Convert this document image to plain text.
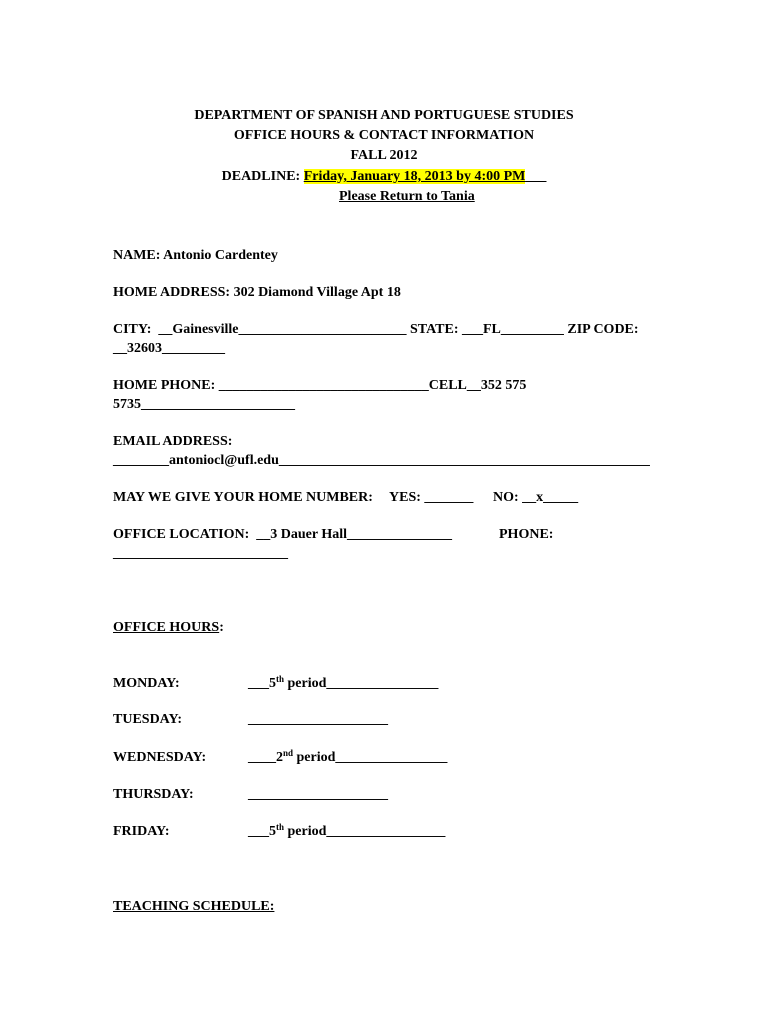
DEPARTMENT OF SPANISH AND PORTUGUESE STUDIES
OFFICE HOURS & CONTACT INFORMATION
FALL 2012
DEADLINE: Friday, January 18, 2013 by 4:00 PM___
Please Return to Tania
NAME: Antonio Cardentey
HOME ADDRESS: 302 Diamond Village Apt 18
CITY:  __Gainesville________________________ STATE: ___FL_________ ZIP CODE:
__32603_________
HOME PHONE: ______________________________CELL__352 575
5735______________________
EMAIL ADDRESS:
________antoniocl@ufl.edu_____________________________________________________
MAY WE GIVE YOUR HOME NUMBER: YES: _______ NO: __x_____
OFFICE LOCATION:  __3 Dauer Hall_______________	PHONE:
_________________________
OFFICE HOURS:
MONDAY:	___5th period________________
TUESDAY:	____________________
WEDNESDAY:	____2nd period________________
THURSDAY:	____________________
FRIDAY:	___5th period_________________
TEACHING SCHEDULE:
